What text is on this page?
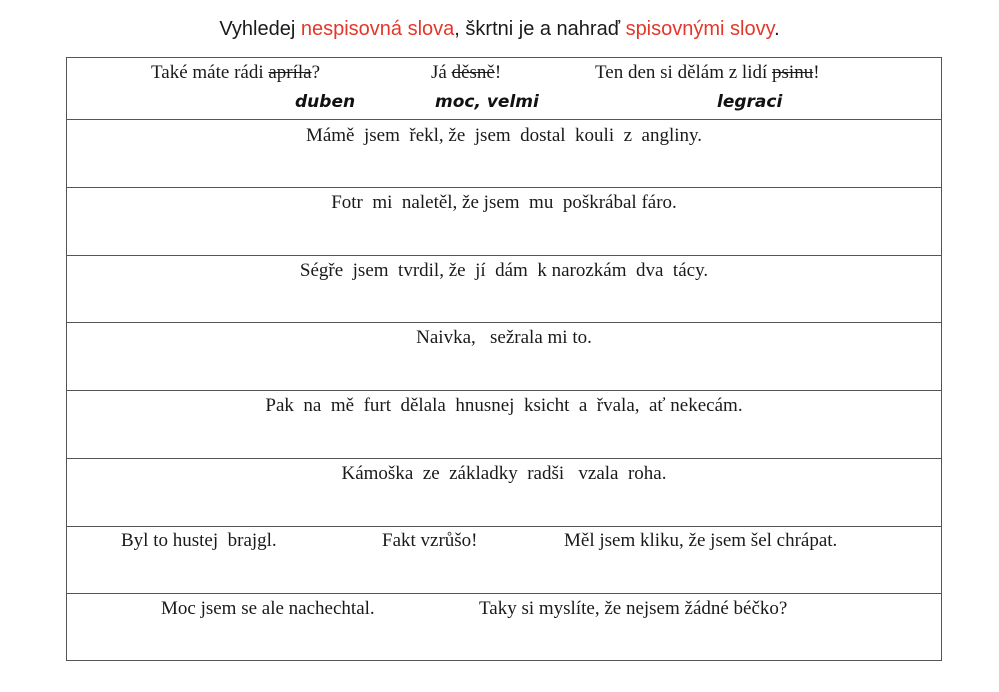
Vyhledej nespisovná slova, škrtni je a nahraď spisovnými slovy.
Také máte rádi apríla?	Já děsně!	Ten den si dělám z lidí psinu!
duben	moc, velmi	legraci
Mámě  jsem  řekl, že  jsem  dostal  kouli  z  angliny.
Fotr  mi  naletěl, že jsem  mu  poškrábal fáro.
Ségře  jsem  tvrdil, že  jí  dám  k narozkám  dva  tácy.
Naivka,   sežrala mi to.
Pak  na  mě  furt  dělala  hnusnej  ksicht  a  řvala,  ať nekecám.
Kámoška  ze  základky  radši   vzala  roha.
Byl to hustej  brajgl.	Fakt vzrůšo!	Měl jsem kliku, že jsem šel chrápat.
Moc jsem se ale nachechtal.	Taky si myslíte, že nejsem žádné béčko?
